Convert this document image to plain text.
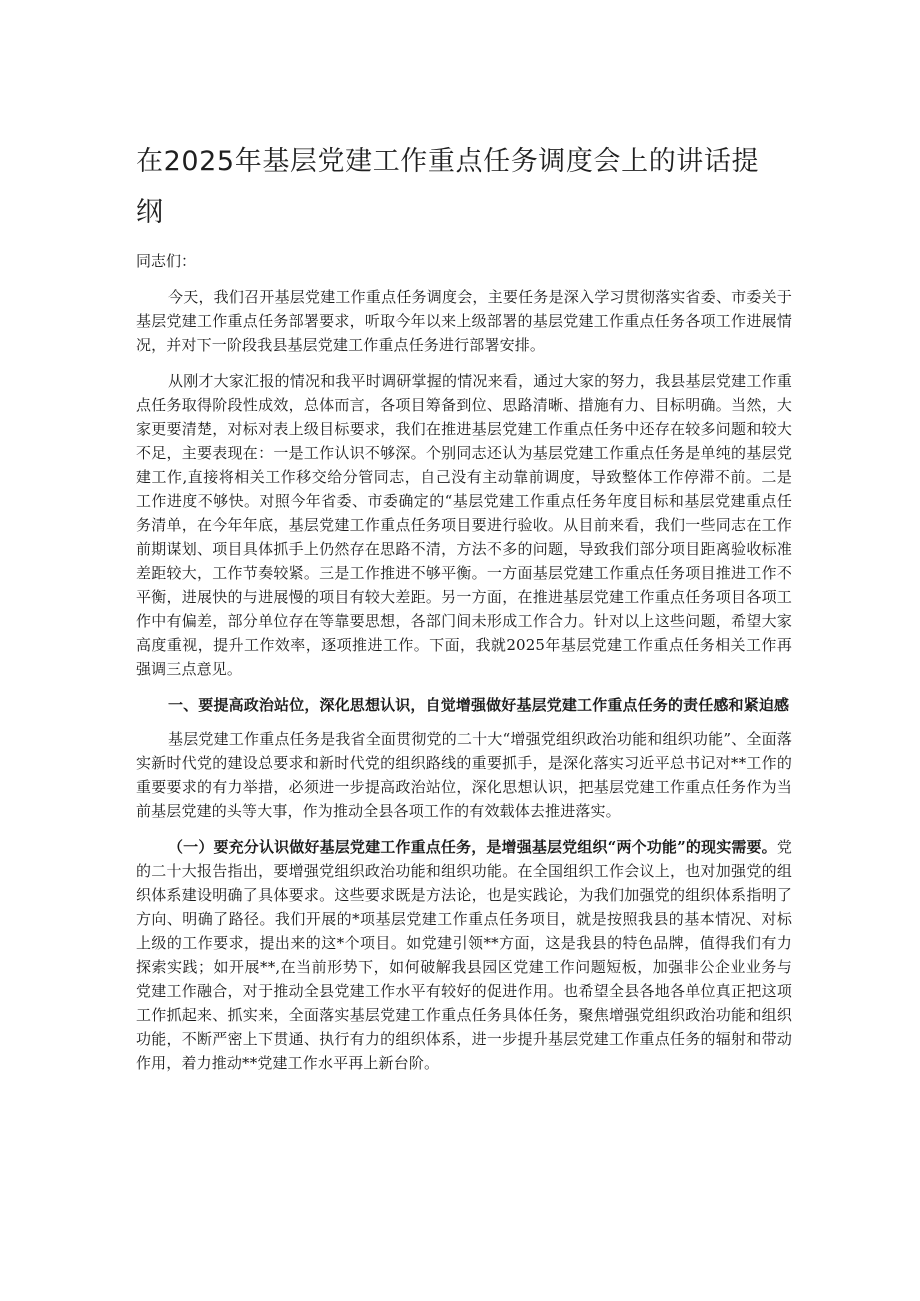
在2025年基层党建工作重点任务调度会上的讲话提纲

同志们：

今天，我们召开基层党建工作重点任务调度会，主要任务是深入学习贯彻落实省委、市委关于基层党建工作重点任务部署要求，听取今年以来上级部署的基层党建工作重点任务各项工作进展情况，并对下一阶段我县基层党建工作重点任务进行部署安排。

从刚才大家汇报的情况和我平时调研掌握的情况来看，通过大家的努力，我县基层党建工作重点任务取得阶段性成效，总体而言，各项目筹备到位、思路清晰、措施有力、目标明确。当然，大家更要清楚，对标对表上级目标要求，我们在推进基层党建工作重点任务中还存在较多问题和较大不足，主要表现在：一是工作认识不够深。个别同志还认为基层党建工作重点任务是单纯的基层党建工作,直接将相关工作移交给分管同志，自己没有主动靠前调度，导致整体工作停滞不前。二是工作进度不够快。对照今年省委、市委确定的“基层党建工作重点任务年度目标和基层党建重点任务清单，在今年年底，基层党建工作重点任务项目要进行验收。从目前来看，我们一些同志在工作前期谋划、项目具体抓手上仍然存在思路不清，方法不多的问题，导致我们部分项目距离验收标准差距较大，工作节奏较紧。三是工作推进不够平衡。一方面基层党建工作重点任务项目推进工作不平衡，进展快的与进展慢的项目有较大差距。另一方面，在推进基层党建工作重点任务项目各项工作中有偏差，部分单位存在等靠要思想，各部门间未形成工作合力。针对以上这些问题，希望大家高度重视，提升工作效率，逐项推进工作。下面，我就2025年基层党建工作重点任务相关工作再强调三点意见。

一、要提高政治站位，深化思想认识，自觉增强做好基层党建工作重点任务的责任感和紧迫感

基层党建工作重点任务是我省全面贯彻党的二十大“增强党组织政治功能和组织功能”、全面落实新时代党的建设总要求和新时代党的组织路线的重要抓手，是深化落实习近平总书记对**工作的重要要求的有力举措，必须进一步提高政治站位，深化思想认识，把基层党建工作重点任务作为当前基层党建的头等大事，作为推动全县各项工作的有效载体去推进落实。

（一）要充分认识做好基层党建工作重点任务，是增强基层党组织“两个功能”的现实需要。党的二十大报告指出，要增强党组织政治功能和组织功能。在全国组织工作会议上，也对加强党的组织体系建设明确了具体要求。这些要求既是方法论，也是实践论，为我们加强党的组织体系指明了方向、明确了路径。我们开展的*项基层党建工作重点任务项目，就是按照我县的基本情况、对标上级的工作要求，提出来的这*个项目。如党建引领**方面，这是我县的特色品牌，值得我们有力探索实践；如开展**,在当前形势下，如何破解我县园区党建工作问题短板，加强非公企业业务与党建工作融合，对于推动全县党建工作水平有较好的促进作用。也希望全县各地各单位真正把这项工作抓起来、抓实来，全面落实基层党建工作重点任务具体任务，聚焦增强党组织政治功能和组织功能，不断严密上下贯通、执行有力的组织体系，进一步提升基层党建工作重点任务的辐射和带动作用，着力推动**党建工作水平再上新台阶。
